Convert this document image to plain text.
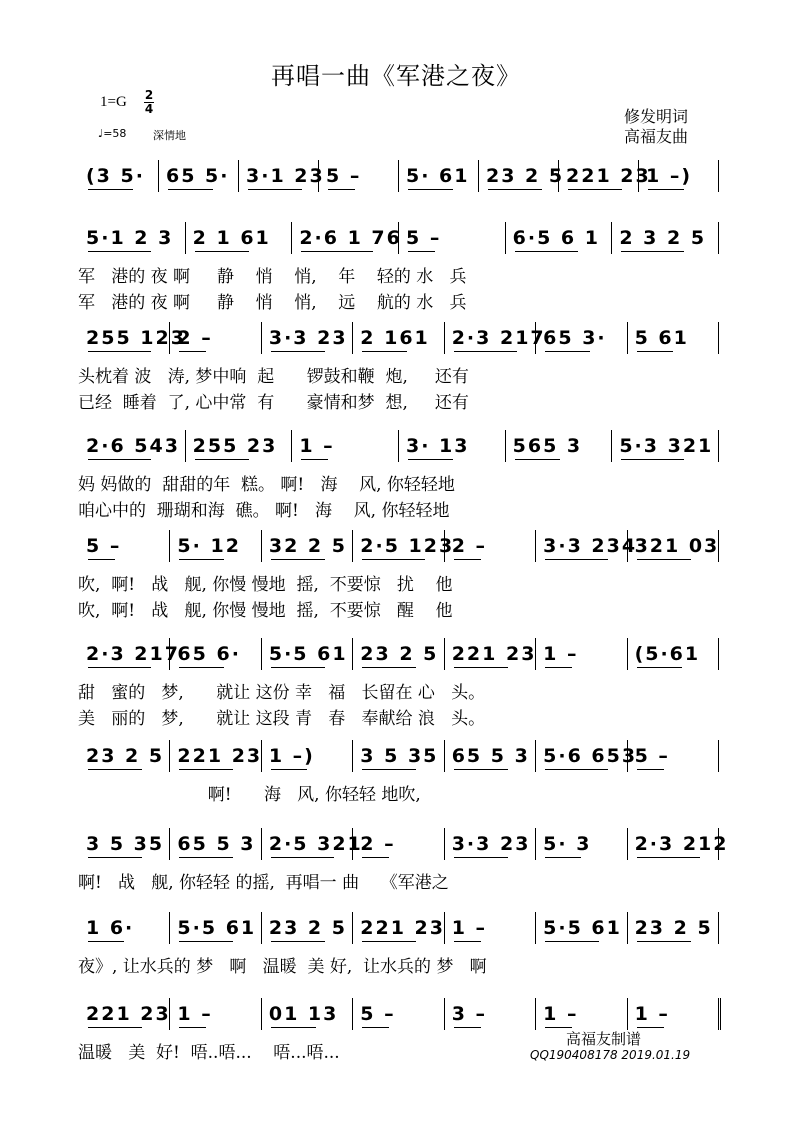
再唱一曲《军港之夜》
1=G 2
4
♩=58 深情地
修发明词
高福友曲
(3 5·	65 5· 3·1 23 5 –	5· 61 23 2 5 221 23
1 –)
5·1 2 3	2 1 61	2·6 1 76 5 –	6·5 6 1	2 3 2 5
军   港的 夜 啊     静    悄    悄,    年    轻的 水   兵
军   港的 夜 啊     静    悄    悄,    远    航的 水   兵
255 123
2 –	3·3 23 2 161	2·3 217
65 3·	5 61
头枕着 波   涛, 梦中响  起      锣鼓和鞭  炮,     还有
已经  睡着  了, 心中常  有      豪情和梦  想,     还有
2·6 543 255 23	1 –	3· 13	565 3	5·3 321
妈 妈做的  甜甜的年  糕。 啊!   海    风, 你轻轻地
咱心中的  珊瑚和海  礁。 啊!   海    风, 你轻轻地
5 –	5· 12	32 2 5 2·5 123
2 –	3·3 234
321 03
吹,  啊!   战   舰, 你慢 慢地  摇,  不要惊   扰    他
吹,  啊!   战   舰, 你慢 慢地  摇,  不要惊   醒    他
2·3 217
65 6·	5·5 61 23 2 5 221 23 1 –	(5·61
甜   蜜的   梦,      就让 这份 幸   福   长留在 心   头。
美   丽的   梦,      就让 这段 青   春   奉献给 浪   头。
23 2 5 221 23 1 –)	3 5 35 65 5 3 5·6 653
5 –
啊!      海   风, 你轻轻 地吹,
3 5 35 65 5 3 2·5 321
2 –	3·3 23 5· 3	2·3 212
啊!   战   舰, 你轻轻 的摇,  再唱一 曲    《军港之
1 6·	5·5 61 23 2 5 221 23 1 –	5·5 61 23 2 5
夜》, 让水兵的 梦   啊   温暖  美 好,  让水兵的 梦   啊
221 23 1 –	01 13	5 –	3 –	1 –	1 –
温暖   美  好!  唔..唔...    唔...唔...
高福友制谱
QQ190408178 2019.01.19
